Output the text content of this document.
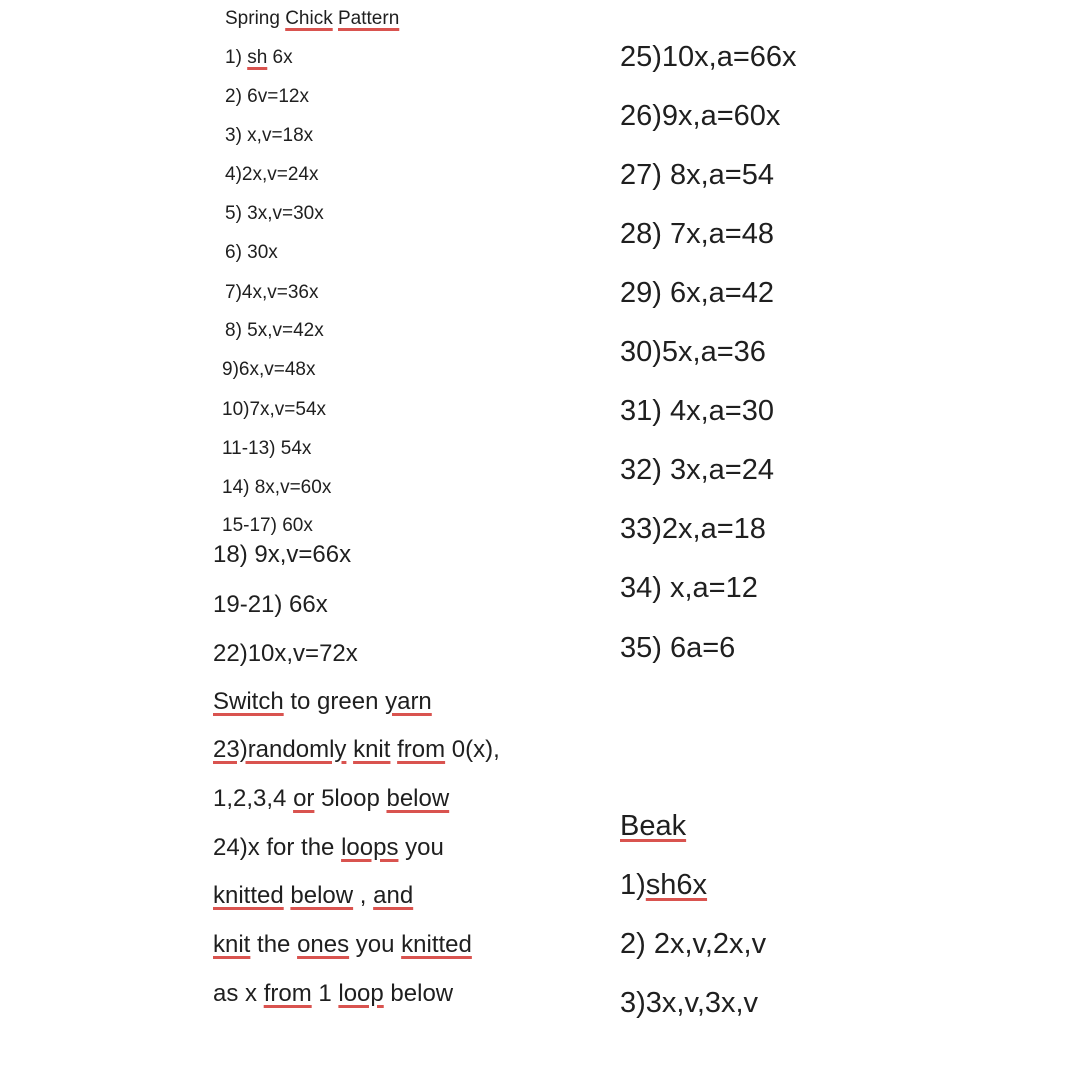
Spring Chick Pattern
1) sh 6x
2) 6v=12x
3) x,v=18x
4)2x,v=24x
5) 3x,v=30x
6) 30x
7)4x,v=36x
8) 5x,v=42x
9)6x,v=48x
10)7x,v=54x
11-13) 54x
14) 8x,v=60x
15-17) 60x
18) 9x,v=66x
19-21) 66x
22)10x,v=72x
Switch to green yarn
23)randomly knit from 0(x),
1,2,3,4 or 5loop below
24)x for the loops you
knitted below , and
knit the ones you knitted
as x from 1 loop below
25)10x,a=66x
26)9x,a=60x
27) 8x,a=54
28) 7x,a=48
29) 6x,a=42
30)5x,a=36
31) 4x,a=30
32) 3x,a=24
33)2x,a=18
34) x,a=12
35) 6a=6
Beak
1)sh6x
2) 2x,v,2x,v
3)3x,v,3x,v
